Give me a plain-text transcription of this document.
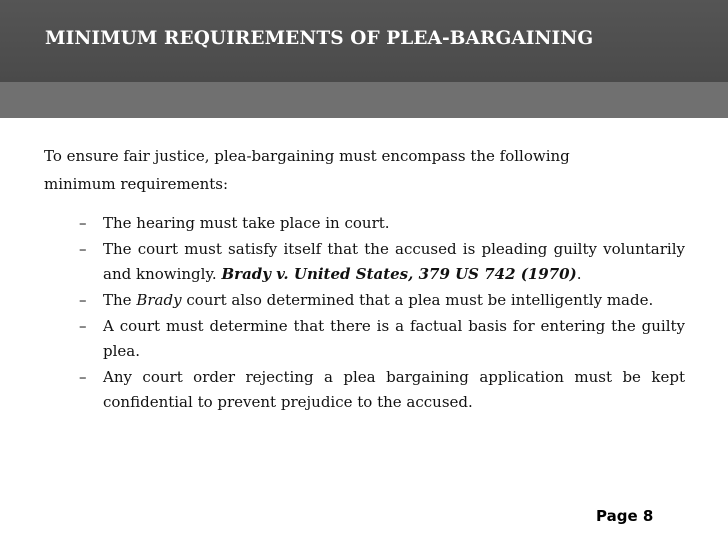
MINIMUM REQUIREMENTS OF PLEA-BARGAINING
To ensure fair justice, plea-bargaining must encompass the following minimum requirements:
–	The hearing must take place in court.
–	The court must satisfy itself that the accused is pleading guilty voluntarily and knowingly. Brady v. United States, 379 US 742 (1970).
–	The Brady court also determined that a plea must be intelligently made.
–	A court must determine that there is a factual basis for entering the guilty plea.
–	Any court order rejecting a plea bargaining application must be kept confidential to prevent prejudice to the accused.
Page 8
